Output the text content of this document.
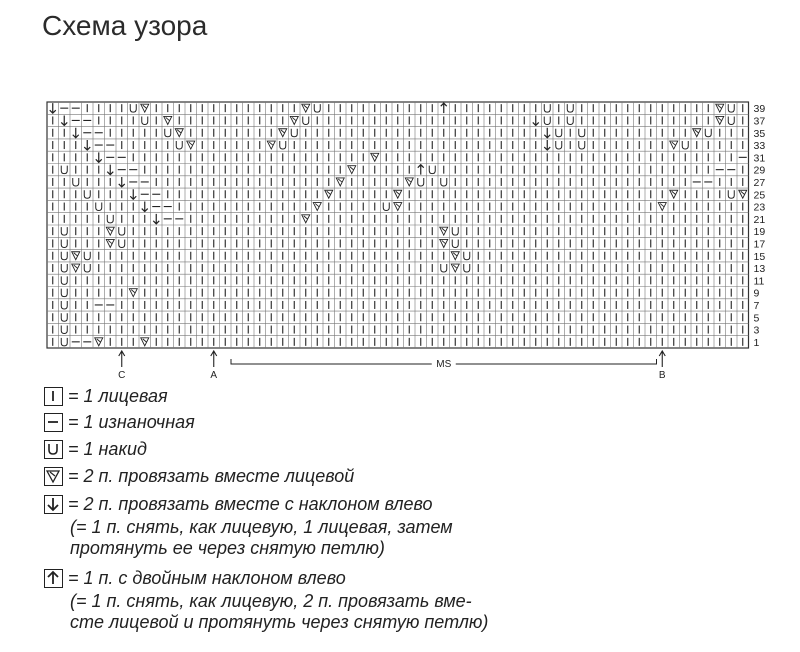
Схема узора
39
37
35
33
31
29
27
25
23
21
19
17
15
13
11
9
7
5
3
1
C	A	B
MS
= 1 лицевая
= 1 изнаночная
= 1 накид
= 2 п. провязать вместе лицевой
= 2 п. провязать вместе с наклоном влево
(= 1 п. снять, как лицевую, 1 лицевая, затем
протянуть ее через снятую петлю)
= 1 п. с двойным наклоном влево
(= 1 п. снять, как лицевую, 2 п. провязать вме-
сте лицевой и протянуть через снятую петлю)
